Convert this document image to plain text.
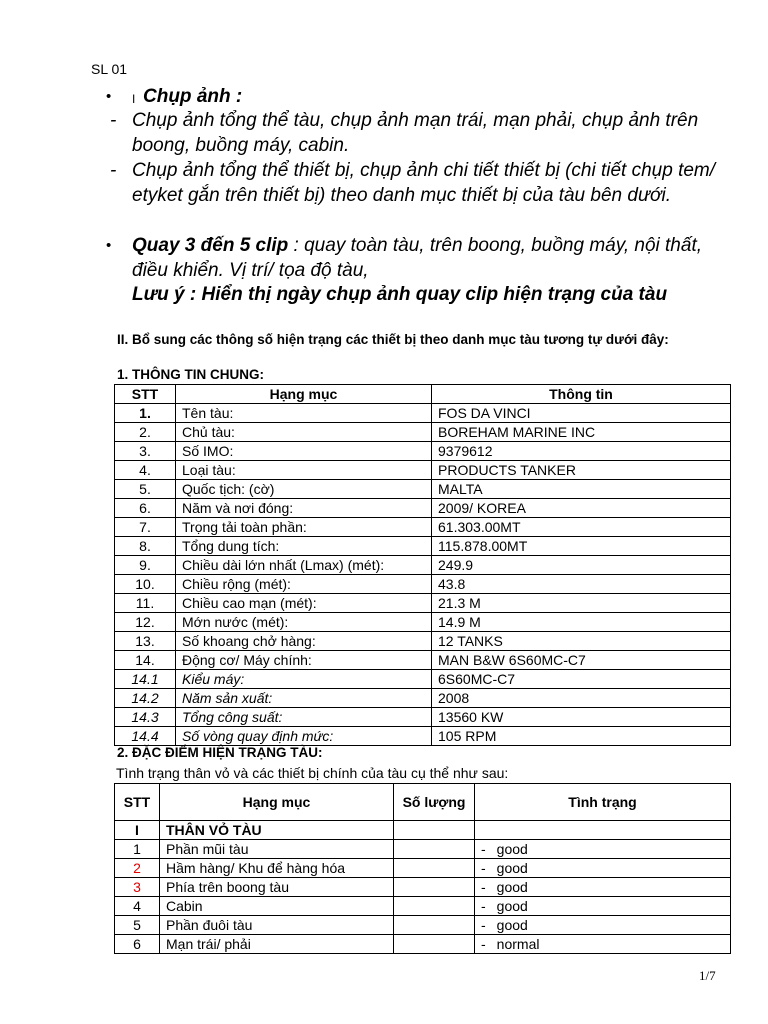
SL 01
• I Chụp ảnh :
- Chụp ảnh tổng thể tàu, chụp ảnh mạn trái, mạn phải, chụp ảnh trên boong, buồng máy, cabin.
- Chụp ảnh tổng thể thiết bị, chụp ảnh chi tiết thiết bị (chi tiết chụp tem/ etyket gắn trên thiết bị) theo danh mục thiết bị của tàu bên dưới.
• Quay 3 đến 5 clip : quay toàn tàu, trên boong, buồng máy, nội thất, điều khiển. Vị trí/ tọa độ tàu,
Lưu ý : Hiển thị ngày chụp ảnh quay clip hiện trạng của tàu
II. Bổ sung các thông số hiện trạng các thiết bị theo danh mục tàu tương tự dưới đây:
1. THÔNG TIN CHUNG:
STT	Hạng mục	Thông tin
1.	Tên tàu:	FOS DA VINCI
2.	Chủ tàu:	BOREHAM MARINE INC
3.	Số IMO:	9379612
4.	Loại tàu:	PRODUCTS TANKER
5.	Quốc tịch: (cờ)	MALTA
6.	Năm và nơi đóng:	2009/ KOREA
7.	Trọng tải toàn phần:	61.303.00MT
8.	Tổng dung tích:	115.878.00MT
9.	Chiều dài lớn nhất (Lmax) (mét):	249.9
10.	Chiều rộng (mét):	43.8
11.	Chiều cao mạn (mét):	21.3 M
12.	Mớn nước (mét):	14.9 M
13.	Số khoang chở hàng:	12 TANKS
14.	Động cơ/ Máy chính:	MAN B&W 6S60MC-C7
14.1	Kiểu máy:	6S60MC-C7
14.2	Năm sản xuất:	2008
14.3	Tổng công suất:	13560 KW
14.4	Số vòng quay định mức:	105 RPM
2. ĐẶC ĐIỂM HIỆN TRẠNG TÀU:
Tình trạng thân vỏ và các thiết bị chính của tàu cụ thể như sau:
STT	Hạng mục	Số lượng	Tình trạng
I	THÂN VỎ TÀU		
1	Phần mũi tàu		- good
2	Hầm hàng/ Khu để hàng hóa		- good
3	Phía trên boong tàu		- good
4	Cabin		- good
5	Phần đuôi tàu		- good
6	Mạn trái/ phải		- normal
1/7
